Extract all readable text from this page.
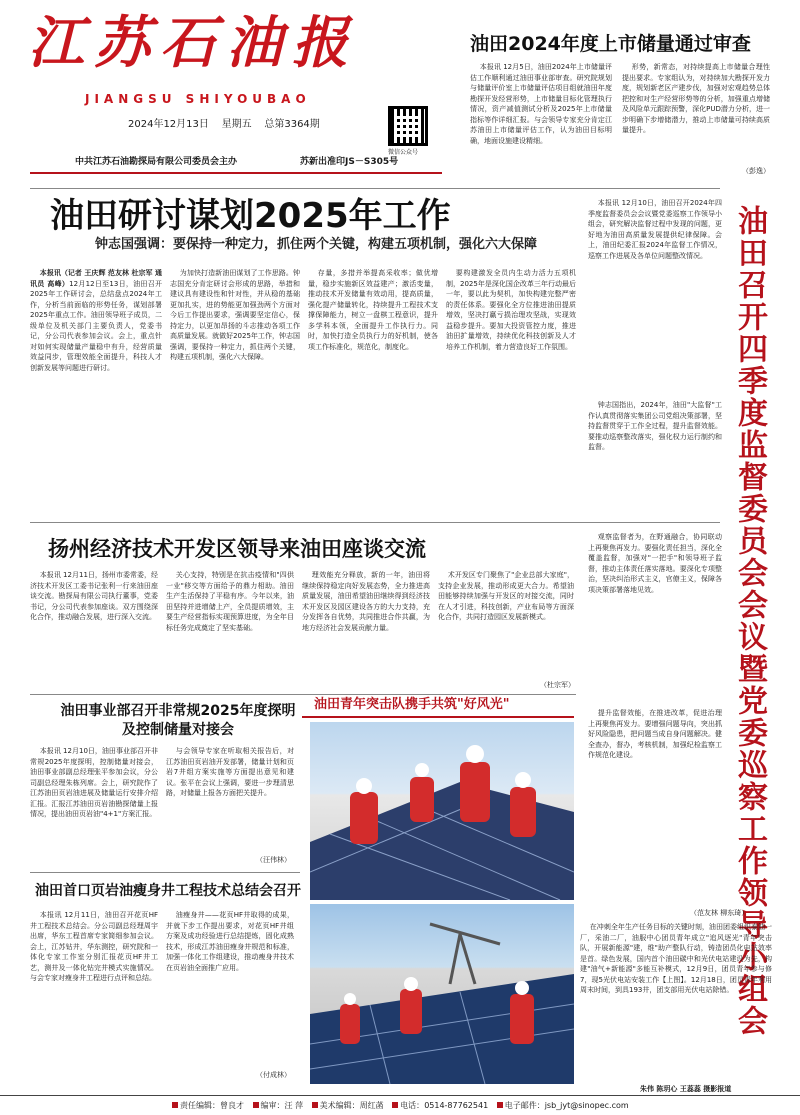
江苏石油报
JIANGSU SHIYOUBAO
2024年12月13日 星期五 总第3364期
微信公众号
中共江苏石油勘探局有限公司委员会主办	苏新出准印JS－S305号
油田2024年度上市储量通过审查

本报讯 12月5日，油田2024年上市储量评估工作顺利通过油田事业部审查。研究院规划与储量评价室上市储量评估项目组就油田年度勘探开发经营形势，上市储量目标化管理执行情况，资产减值测试分析及2025年上市储量指标等作详细汇报。与会领导专家充分肯定江苏油田上市储量评估工作，认为油田目标明确，地面设施建设精细。

形势，新常态，对持续提高上市储量合理性提出要求。专家组认为，对持续加大勘探开发力度，规划新老区产建步伐，加强对宏观趋势总体把控和对生产经营形势等的分析，加强重点增储及风险单元跟踪预警，深化PUD潜力分析，进一步明确下步增储潜力，推动上市储量可持续高质量提升。

（彭逸）
油田研讨谋划2025年工作
钟志国强调：要保持一种定力，抓住两个关键，构建五项机制，强化六大保障

本报讯（记者 王庆辉 范友林 杜宗军 通讯员 高峰）12月12日至13日，油田召开2025年工作研讨会，总结盘点2024年工作，分析当前面临的形势任务，谋划部署2025年重点工作。油田领导班子成员，二级单位及机关部门主要负责人，党委书记，分公司代表参加会议。会上，重点针对如何实现储量产量稳中有升，经营质量效益同步，管理效能全面提升，科技人才创新发展等问题进行研讨。

为加快打造新油田谋划了工作思路。钟志国充分肯定研讨会形成的思路，举措和建议具有建设性和针对性，并从稳的基础更加扎实，进的势能更加强劲两个方面对今后工作提出要求，强调要坚定信心，保持定力，以更加昂扬的斗志推动各项工作高质量发展。就做好2025年工作，钟志国强调，要保持一种定力，抓住两个关键，构建五项机制，强化六大保障。

存量，多措并举提高采收率；做优增量，稳步实施新区效益建产；激活变量，推动技术开发储量有效动用，提高质量，强化提产储量转化，持续提升工程技术支撑保障能力，树立一盘棋工程意识，提升多学科本领，全面提升工作执行力。同时，加快打造全员执行力的好机制，使各项工作标准化，规范化，制度化。

要构建激发全员内生动力活力五项机制，2025年是深化国企改革三年行动最后一年，要以此为契机，加快构建完整严密的责任体系。要强化全方位推进油田提质增效，坚决打赢亏损治理攻坚战，实现效益稳步提升。要加大投资管控力度，推进油田扩量增效，持续优化科技创新及人才培养工作机制，着力营造良好工作氛围。	油田召开四季度监督委员会会议暨党委巡察工作领导小组会

本报讯 12月10日，油田召开2024年四季度监督委员会会议暨党委巡察工作领导小组会，研究解决监督过程中发现的问题，更好地为油田高质量发展提供纪律保障。会上，油田纪委汇报2024年监督工作情况，巡察工作进展及各单位问题整改情况。

钟志国指出，2024年，油田"大监督"工作认真贯彻落实集团公司党组决策部署，坚持监督贯穿于工作全过程，提升监督效能。要推动巡察整改落实，强化权力运行制约和监督。

观察监督者为，在野通融合，协同联动上再聚焦再发力。要强化责任担当，深化全覆盖监督，加强对"一把手"和领导班子监督，推动主体责任落实落地。要深化专项整治，坚决纠治形式主义，官僚主义，保障各项决策部署落地见效。

提升监督效能，在推进改革，促进治理上再聚焦再发力。要增强问题导向，突出抓好风险隐患，把问题当成自身问题解决。健全查办，督办，考核机制，加强纪检监察工作规范化建设。

（范友林 柳东琦）
扬州经济技术开发区领导来油田座谈交流

本报讯 12月11日，扬州市委常委，经济技术开发区工委书记张利一行来油田座谈交流。勘探局有限公司执行董事，党委书记，分公司代表参加座谈。双方围绕深化合作，推动融合发展，进行深入交流。

关心支持，特别是在抗击疫情和"四供一业"移交等方面给予的鼎力相助。油田生产生活保持了平稳有序。今年以来，油田坚持并进增储上产，全员提质增效，主要生产经营指标实现预算进度，为全年目标任务完成奠定了坚实基础。

理效能充分释放，新的一年，油田将继续保持稳定向好发展态势，全力推进高质量发展，油田希望油田继续得到经济技术开发区及园区建设各方的大力支持，充分发挥各自优势，共同推进合作共赢，为地方经济社会发展贡献力量。

术开发区专门聚焦了"企业总部大家庭"，支持企业发展，推动形成更大合力。希望油田能够持续加强与开发区的对接交流，同时在人才引进，科技创新，产业布局等方面深化合作，共同打造园区发展新模式。

（杜宗军）
油田事业部召开非常规2025年度探明及控制储量对接会

本报讯 12月10日，油田事业部召开非常规2025年度探明，控制储量对接会，油田事业部副总经理张平参加会议，分公司副总经理朱栋列席。会上，研究院作了江苏油田页岩油进展及储量运行安排介绍汇报。汇报江苏油田页岩油勘探储量上报情况，提出油田页岩油"4+1"方案汇报。

与会领导专家在听取相关报告后，对江苏油田页岩油开发部署，储量计划和页岩7井组方案实施等方面提出意见和建议。张平在会议上强调，要进一步理清思路，对储量上报各方面把关提升。

（汪伟林）
油田首口页岩油瘦身井工程技术总结会召开

本报讯 12月11日，油田召开花页HF井工程技术总结会。分公司副总经理周宇出席，华东工程首席专家简细参加会议。会上，江苏钻井，华东测控，研究院和一体化专家工作室分别汇报花页HF井工艺，测井及一体化钻完井模式实施情况。与会专家对瘦身井工程进行点评和总结。

油瘦身井——花页HF井取得的成果，并就下步工作提出要求，对花页HF井组方案及成功经验进行总结提炼，固化成熟技术，形成江苏油田瘦身井规范和标准，加强一体化工作组建设，推动瘦身井技术在页岩油全面推广应用。

（付成林）
油田青年突击队携手共筑"好风光"

在冲刺全年生产任务目标的关键时刻，油田团委组织泰油一厂，采油二厂，油服中心团员青年成立"追风逐光"青年突击队，开展新能源"建，维"助产整队行动，铸造团员化电站效率是首。绿色发展，国内首个油田碳中和光伏电站建设为先，构建"油气+新能源"多能互补模式，12月9日，团员青年参与修7，现5光伏电站安装工作【上图】。12月18日，团员青年利用周末时间，到具193井，团支部用光伏电站除错。

朱伟 陈玥心 王蕊蕊 摄影报道
责任编辑：曾良才	编审：汪 萍	美术编辑：周红菡	电话：0514-87762541	电子邮件：jsb_jyt@sinopec.com
